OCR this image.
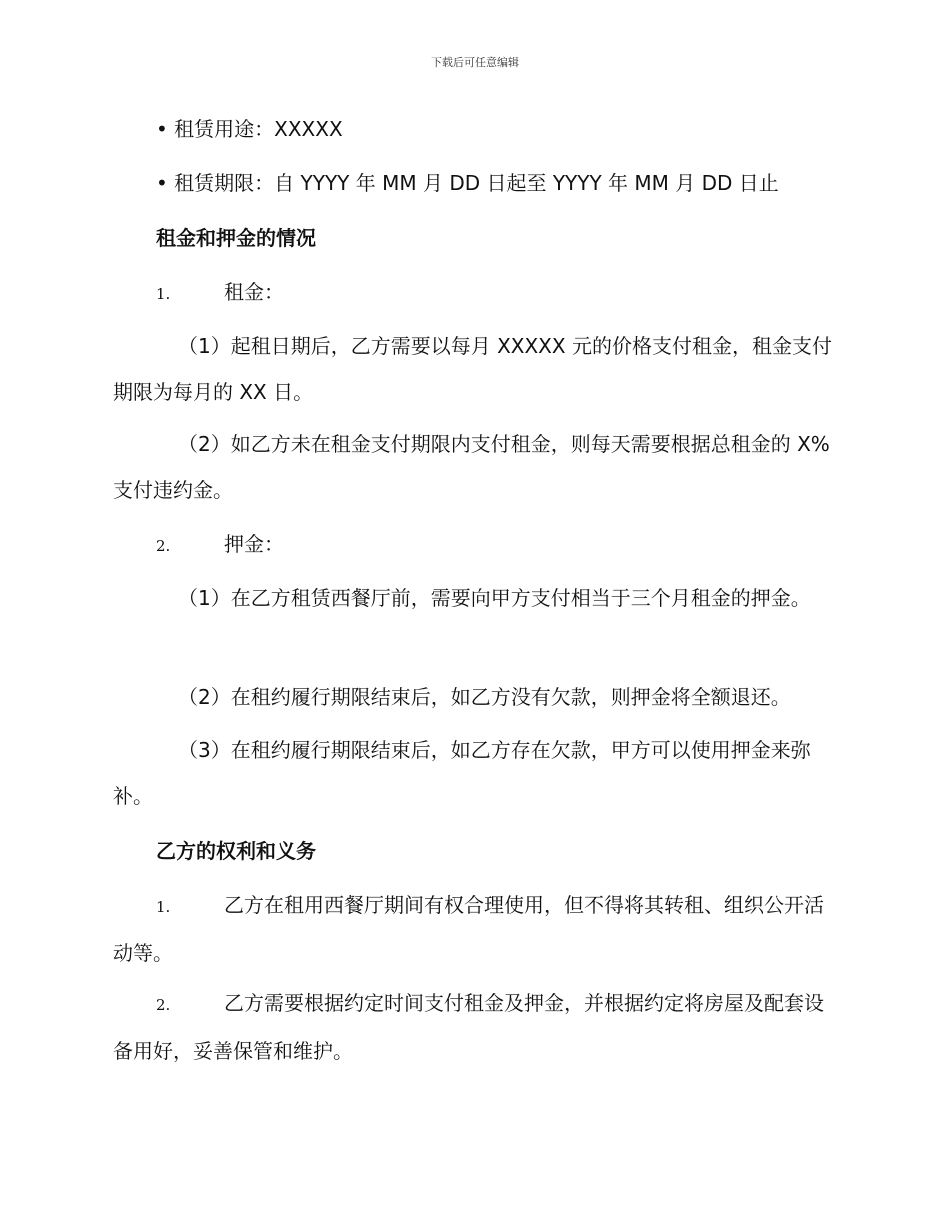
下载后可任意编辑

• 租赁用途：XXXXX

• 租赁期限：自 YYYY 年 MM 月 DD 日起至 YYYY 年 MM 月 DD 日止

租金和押金的情况

1.	租金：

（1）起租日期后，乙方需要以每月 XXXXX 元的价格支付租金，租金支付期限为每月的 XX 日。

（2）如乙方未在租金支付期限内支付租金，则每天需要根据总租金的 X% 支付违约金。

2.	押金：

（1）在乙方租赁西餐厅前，需要向甲方支付相当于三个月租金的押金。

（2）在租约履行期限结束后，如乙方没有欠款，则押金将全额退还。

（3）在租约履行期限结束后，如乙方存在欠款，甲方可以使用押金来弥补。

乙方的权利和义务

1.	乙方在租用西餐厅期间有权合理使用，但不得将其转租、组织公开活动等。

2.	乙方需要根据约定时间支付租金及押金，并根据约定将房屋及配套设备用好，妥善保管和维护。
